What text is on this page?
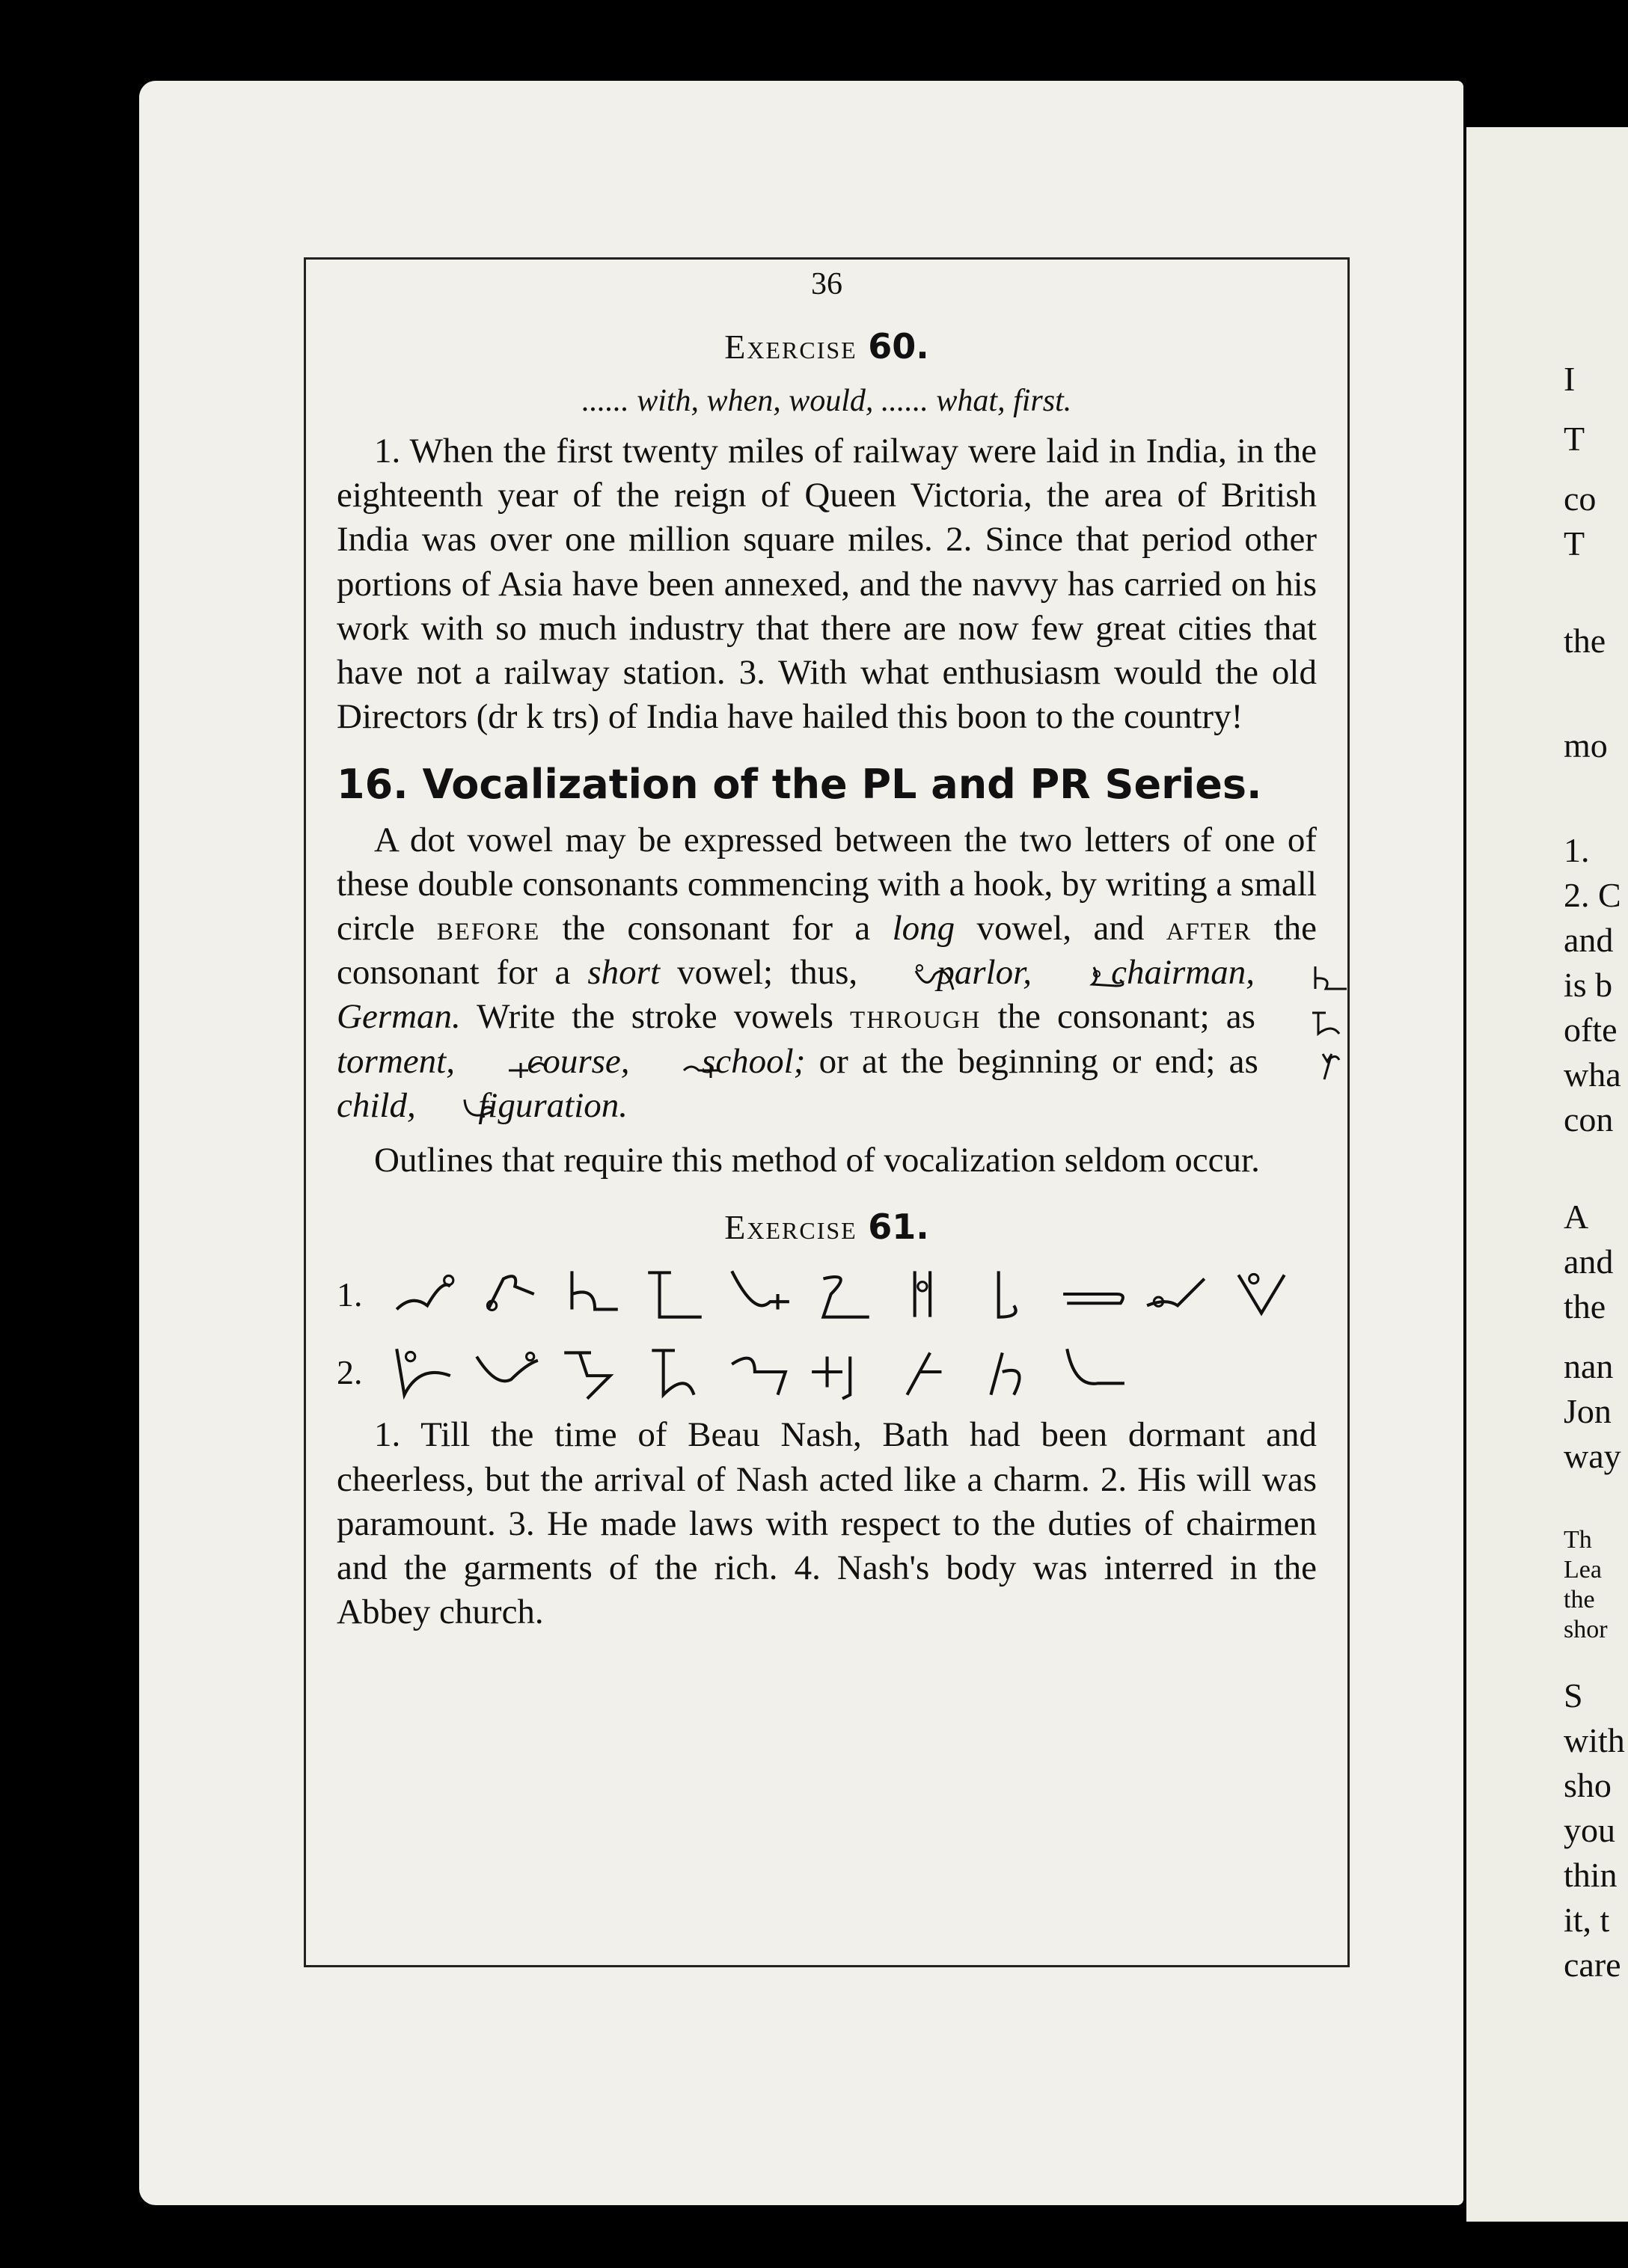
36
Exercise 60.
...... with, when, would, ...... what, first.

1. When the first twenty miles of railway were laid in India, in the eighteenth year of the reign of Queen Victoria, the area of British India was over one million square miles. 2. Since that period other portions of Asia have been annexed, and the navvy has carried on his work with so much industry that there are now few great cities that have not a railway station. 3. With what enthusiasm would the old Directors (dr k trs) of India have hailed this boon to the country!

16. Vocalization of the PL and PR Series.

A dot vowel may be expressed between the two letters of one of these double consonants commencing with a hook, by writing a small circle before the consonant for a long vowel, and after the consonant for a short vowel; thus,  parlor, chairman,  German. Write the stroke vowels through the consonant; as  torment, course, school; or at the beginning or end; as  child, figuration.

Outlines that require this method of vocalization seldom occur.

Exercise 61.
1.
2.

1. Till the time of Beau Nash, Bath had been dormant and cheerless, but the arrival of Nash acted like a charm. 2. His will was paramount. 3. He made laws with respect to the duties of chairmen and the garments of the rich. 4. Nash's body was interred in the Abbey church.

I
T
co
T
the
mo
1.
2. C
and
is b
ofte
wha
con
A
and
the
nan
Jon
way
Th
Lea
the
shor
S
with
sho
you
thin
it, t
care
